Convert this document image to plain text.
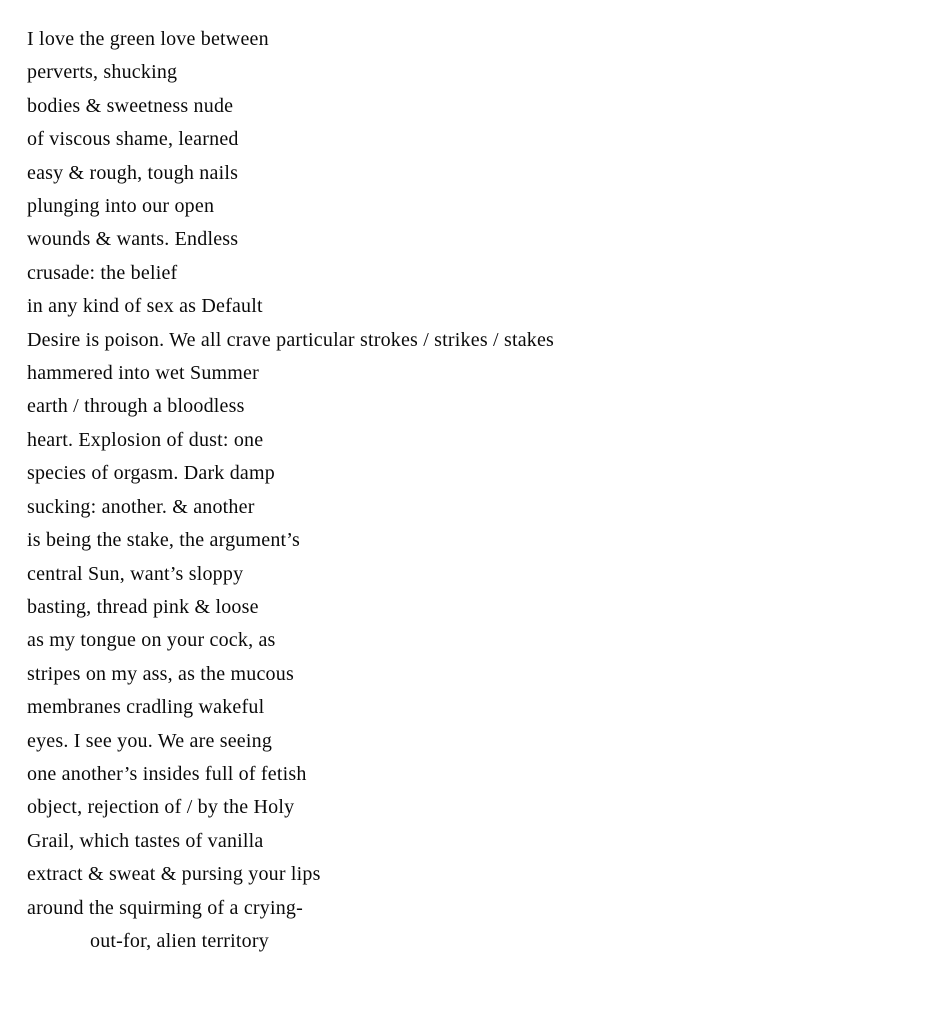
I love the green love between
perverts, shucking
bodies & sweetness nude
of viscous shame, learned
easy & rough, tough nails
plunging into our open
wounds & wants. Endless
crusade: the belief
in any kind of sex as Default
Desire is poison. We all crave particular strokes / strikes / stakes
hammered into wet Summer
earth / through a bloodless
heart. Explosion of dust: one
species of orgasm. Dark damp
sucking: another. & another
is being the stake, the argument’s
central Sun, want’s sloppy
basting, thread pink & loose
as my tongue on your cock, as
stripes on my ass, as the mucous
membranes cradling wakeful
eyes. I see you. We are seeing
one another’s insides full of fetish
object, rejection of / by the Holy
Grail, which tastes of vanilla
extract & sweat & pursing your lips
around the squirming of a crying-
out-for, alien territory
